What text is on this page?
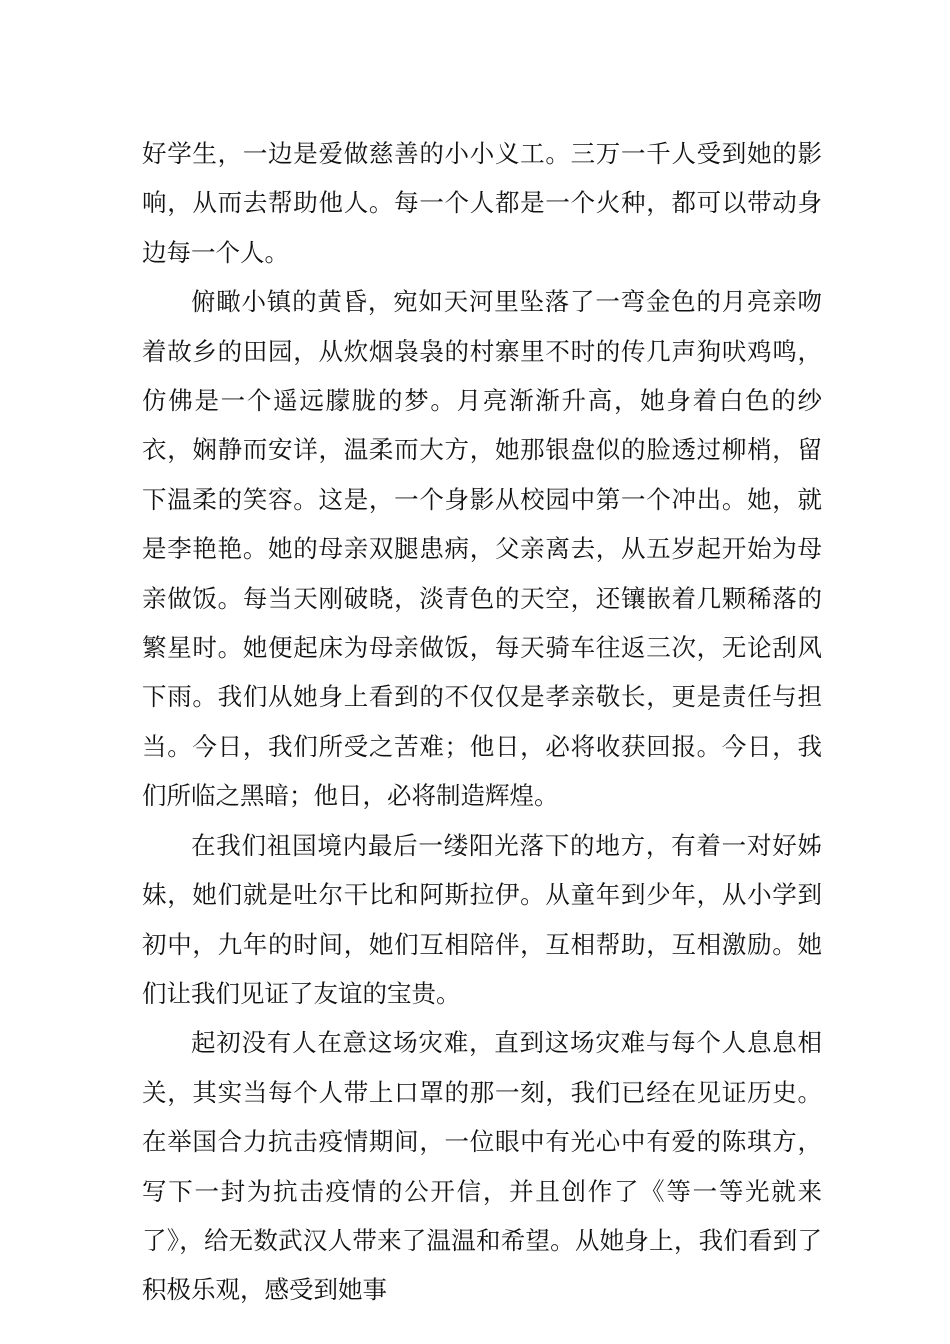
好学生，一边是爱做慈善的小小义工。三万一千人受到她的影响，从而去帮助他人。每一个人都是一个火种，都可以带动身边每一个人。

俯瞰小镇的黄昏，宛如天河里坠落了一弯金色的月亮亲吻着故乡的田园，从炊烟袅袅的村寨里不时的传几声狗吠鸡鸣，仿佛是一个遥远朦胧的梦。月亮渐渐升高，她身着白色的纱衣，娴静而安详，温柔而大方，她那银盘似的脸透过柳梢，留下温柔的笑容。这是，一个身影从校园中第一个冲出。她，就是李艳艳。她的母亲双腿患病，父亲离去，从五岁起开始为母亲做饭。每当天刚破晓，淡青色的天空，还镶嵌着几颗稀落的繁星时。她便起床为母亲做饭，每天骑车往返三次，无论刮风下雨。我们从她身上看到的不仅仅是孝亲敬长，更是责任与担当。今日，我们所受之苦难；他日，必将收获回报。今日，我们所临之黑暗；他日，必将制造辉煌。

在我们祖国境内最后一缕阳光落下的地方，有着一对好姊妹，她们就是吐尔干比和阿斯拉伊。从童年到少年，从小学到初中，九年的时间，她们互相陪伴，互相帮助，互相激励。她们让我们见证了友谊的宝贵。

起初没有人在意这场灾难，直到这场灾难与每个人息息相关，其实当每个人带上口罩的那一刻，我们已经在见证历史。在举国合力抗击疫情期间，一位眼中有光心中有爱的陈琪方，写下一封为抗击疫情的公开信，并且创作了《等一等光就来了》，给无数武汉人带来了温温和希望。从她身上，我们看到了积极乐观，感受到她事
